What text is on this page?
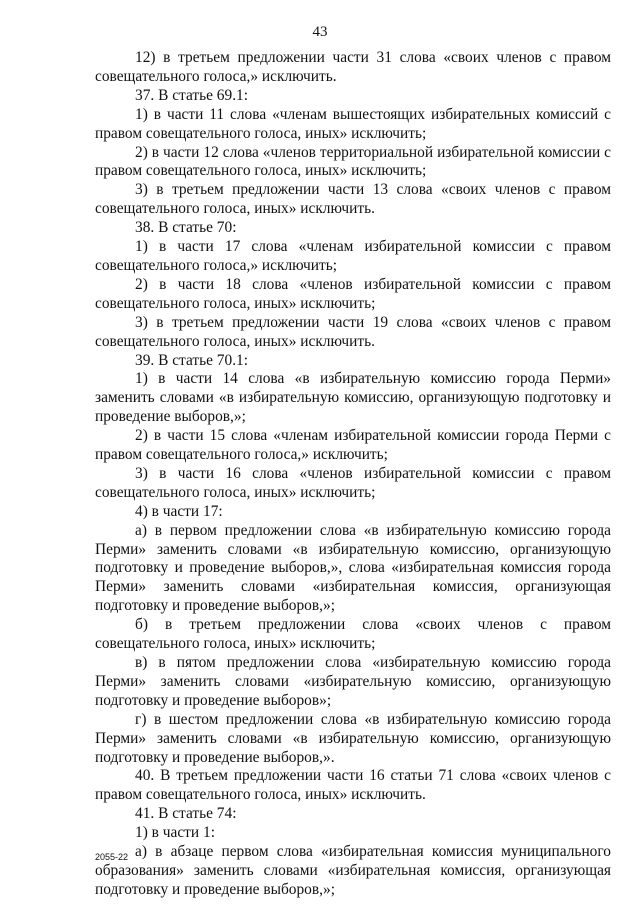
43

12) в третьем предложении части 31 слова «своих членов с правом совещательного голоса,» исключить.

37. В статье 69.1:

1) в части 11 слова «членам вышестоящих избирательных комиссий с правом совещательного голоса, иных» исключить;

2) в части 12 слова «членов территориальной избирательной комиссии с правом совещательного голоса, иных» исключить;

3) в третьем предложении части 13 слова «своих членов с правом совещательного голоса, иных» исключить.

38. В статье 70:

1) в части 17 слова «членам избирательной комиссии с правом совещательного голоса,» исключить;

2) в части 18 слова «членов избирательной комиссии с правом совещательного голоса, иных» исключить;

3) в третьем предложении части 19 слова «своих членов с правом совещательного голоса, иных» исключить.

39. В статье 70.1:

1) в части 14 слова «в избирательную комиссию города Перми» заменить словами «в избирательную комиссию, организующую подготовку и проведение выборов,»;

2) в части 15 слова «членам избирательной комиссии города Перми с правом совещательного голоса,» исключить;

3) в части 16 слова «членов избирательной комиссии с правом совещательного голоса, иных» исключить;

4) в части 17:

а) в первом предложении слова «в избирательную комиссию города Перми» заменить словами «в избирательную комиссию, организующую подготовку и проведение выборов,», слова «избирательная комиссия города Перми» заменить словами «избирательная комиссия, организующая подготовку и проведение выборов,»;

б) в третьем предложении слова «своих членов с правом совещательного голоса, иных» исключить;

в) в пятом предложении слова «избирательную комиссию города Перми» заменить словами «избирательную комиссию, организующую подготовку и проведение выборов»;

г) в шестом предложении слова «в избирательную комиссию города Перми» заменить словами «в избирательную комиссию, организующую подготовку и проведение выборов,».

40. В третьем предложении части 16 статьи 71 слова «своих членов с правом совещательного голоса, иных» исключить.

41. В статье 74:

1) в части 1:

а) в абзаце первом слова «избирательная комиссия муниципального образования» заменить словами «избирательная комиссия, организующая подготовку и проведение выборов,»;

2055-22
